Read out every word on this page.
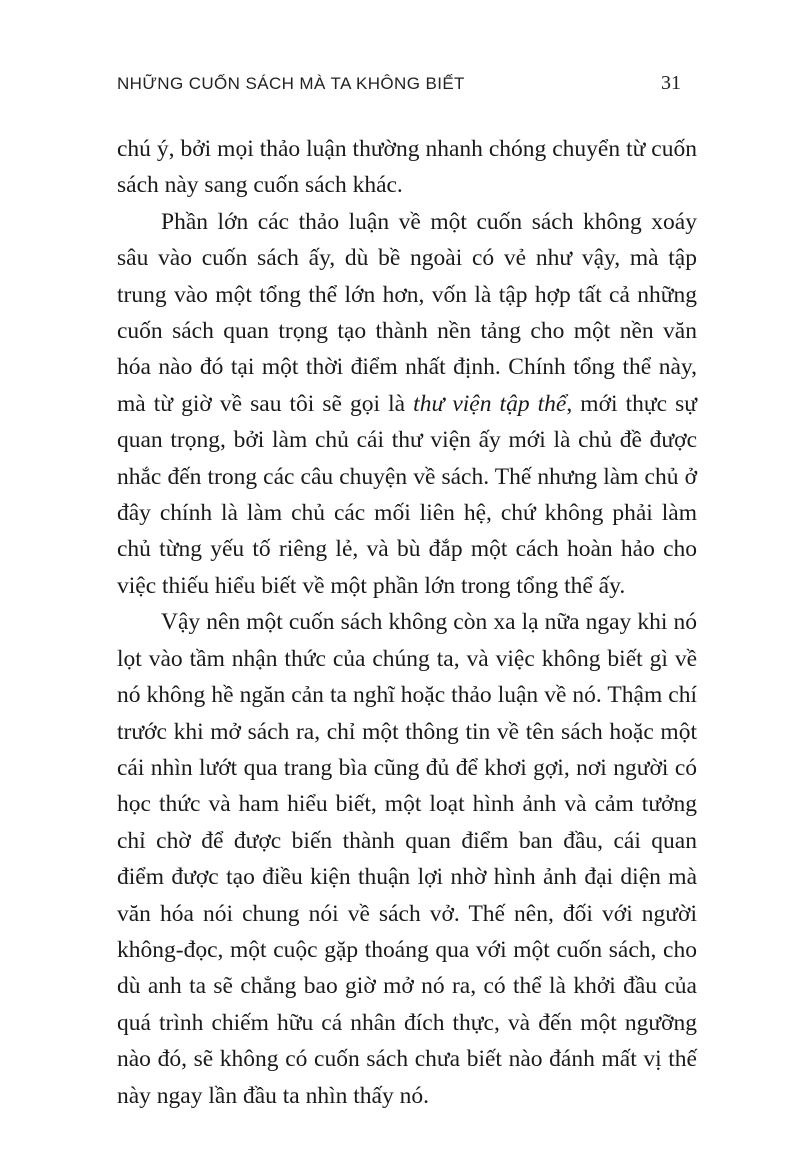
NHỮNG CUỐN SÁCH MÀ TA KHÔNG BIẾT	31

chú ý, bởi mọi thảo luận thường nhanh chóng chuyển từ cuốn sách này sang cuốn sách khác.

Phần lớn các thảo luận về một cuốn sách không xoáy sâu vào cuốn sách ấy, dù bề ngoài có vẻ như vậy, mà tập trung vào một tổng thể lớn hơn, vốn là tập hợp tất cả những cuốn sách quan trọng tạo thành nền tảng cho một nền văn hóa nào đó tại một thời điểm nhất định. Chính tổng thể này, mà từ giờ về sau tôi sẽ gọi là thư viện tập thể, mới thực sự quan trọng, bởi làm chủ cái thư viện ấy mới là chủ đề được nhắc đến trong các câu chuyện về sách. Thế nhưng làm chủ ở đây chính là làm chủ các mối liên hệ, chứ không phải làm chủ từng yếu tố riêng lẻ, và bù đắp một cách hoàn hảo cho việc thiếu hiểu biết về một phần lớn trong tổng thể ấy.

Vậy nên một cuốn sách không còn xa lạ nữa ngay khi nó lọt vào tầm nhận thức của chúng ta, và việc không biết gì về nó không hề ngăn cản ta nghĩ hoặc thảo luận về nó. Thậm chí trước khi mở sách ra, chỉ một thông tin về tên sách hoặc một cái nhìn lướt qua trang bìa cũng đủ để khơi gợi, nơi người có học thức và ham hiểu biết, một loạt hình ảnh và cảm tưởng chỉ chờ để được biến thành quan điểm ban đầu, cái quan điểm được tạo điều kiện thuận lợi nhờ hình ảnh đại diện mà văn hóa nói chung nói về sách vở. Thế nên, đối với người không-đọc, một cuộc gặp thoáng qua với một cuốn sách, cho dù anh ta sẽ chẳng bao giờ mở nó ra, có thể là khởi đầu của quá trình chiếm hữu cá nhân đích thực, và đến một ngưỡng nào đó, sẽ không có cuốn sách chưa biết nào đánh mất vị thế này ngay lần đầu ta nhìn thấy nó.
